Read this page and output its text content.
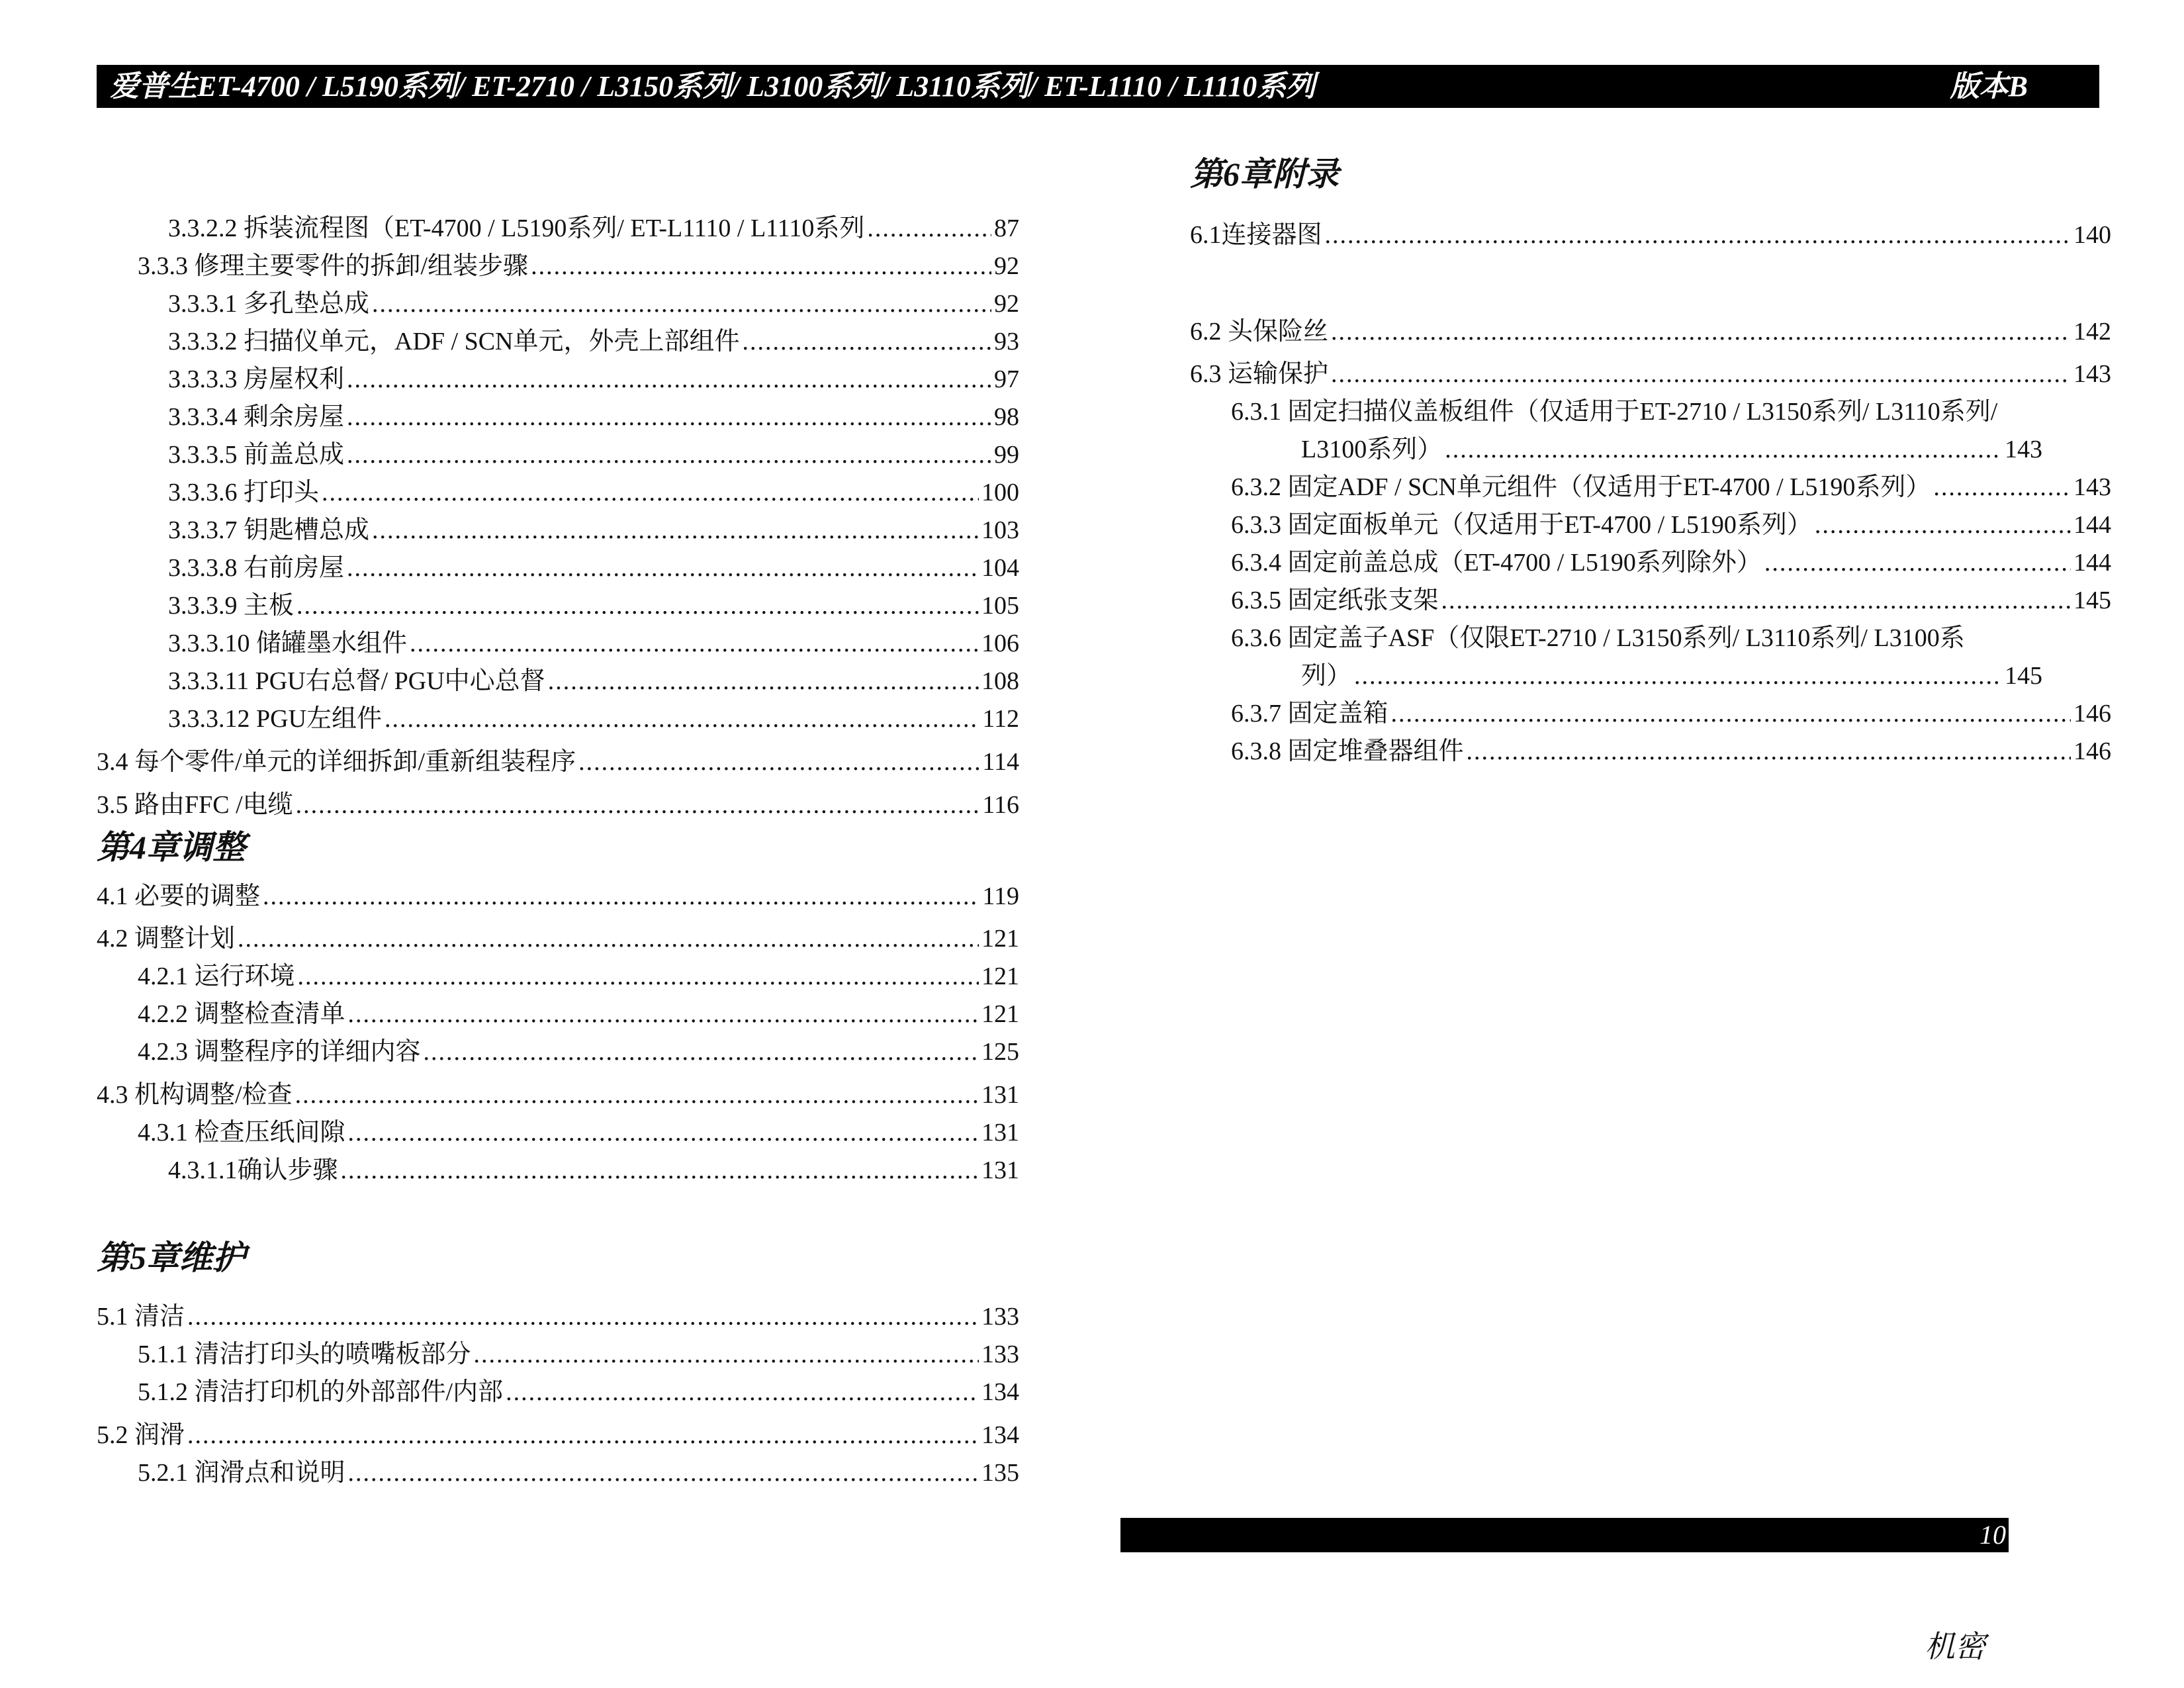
爱普生ET-4700 / L5190系列/ ET-2710 / L3150系列/ L3100系列/ L3110系列/ ET-L1110 / L1110系列	版本B
3.3.2.2 拆装流程图（ET-4700 / L5190系列/ ET-L1110 / L1110系列 .....	87
3.3.3 修理主要零件的拆卸/组装步骤 .....	92
3.3.3.1 多孔垫总成 .....	92
3.3.3.2 扫描仪单元，ADF / SCN单元，外壳上部组件 .....	93
3.3.3.3 房屋权利 .....	97
3.3.3.4 剩余房屋 .....	98
3.3.3.5 前盖总成 .....	99
3.3.3.6 打印头 .....	100
3.3.3.7 钥匙槽总成 .....	103
3.3.3.8 右前房屋 .....	104
3.3.3.9 主板 .....	105
3.3.3.10 储罐墨水组件 .....	106
3.3.3.11 PGU右总督/ PGU中心总督 .....	108
3.3.3.12 PGU左组件 .....	112
3.4 每个零件/单元的详细拆卸/重新组装程序 .....	114
3.5 路由FFC /电缆 .....	116
第4章调整
4.1 必要的调整 .....	119
4.2 调整计划 .....	121
4.2.1 运行环境 .....	121
4.2.2 调整检查清单 .....	121
4.2.3 调整程序的详细内容 .....	125
4.3 机构调整/检查 .....	131
4.3.1 检查压纸间隙 .....	131
4.3.1.1确认步骤 .....	131
第5章维护
5.1 清洁 .....	133
5.1.1 清洁打印头的喷嘴板部分 .....	133
5.1.2 清洁打印机的外部部件/内部 .....	134
5.2 润滑 .....	134
5.2.1 润滑点和说明 .....	135
第6章附录
6.1连接器图 .....	140
6.2 头保险丝 .....	142
6.3 运输保护 .....	143
6.3.1 固定扫描仪盖板组件（仅适用于ET-2710 / L3150系列/ L3110系列/
L3100系列） .....	143
6.3.2 固定ADF / SCN单元组件（仅适用于ET-4700 / L5190系列） .....	143
6.3.3 固定面板单元（仅适用于ET-4700 / L5190系列） .....	144
6.3.4 固定前盖总成（ET-4700 / L5190系列除外） .....	144
6.3.5 固定纸张支架 .....	145
6.3.6 固定盖子ASF（仅限ET-2710 / L3150系列/ L3110系列/ L3100系
列） .....	145
6.3.7 固定盖箱 .....	146
6.3.8 固定堆叠器组件 .....	146
10
机密
